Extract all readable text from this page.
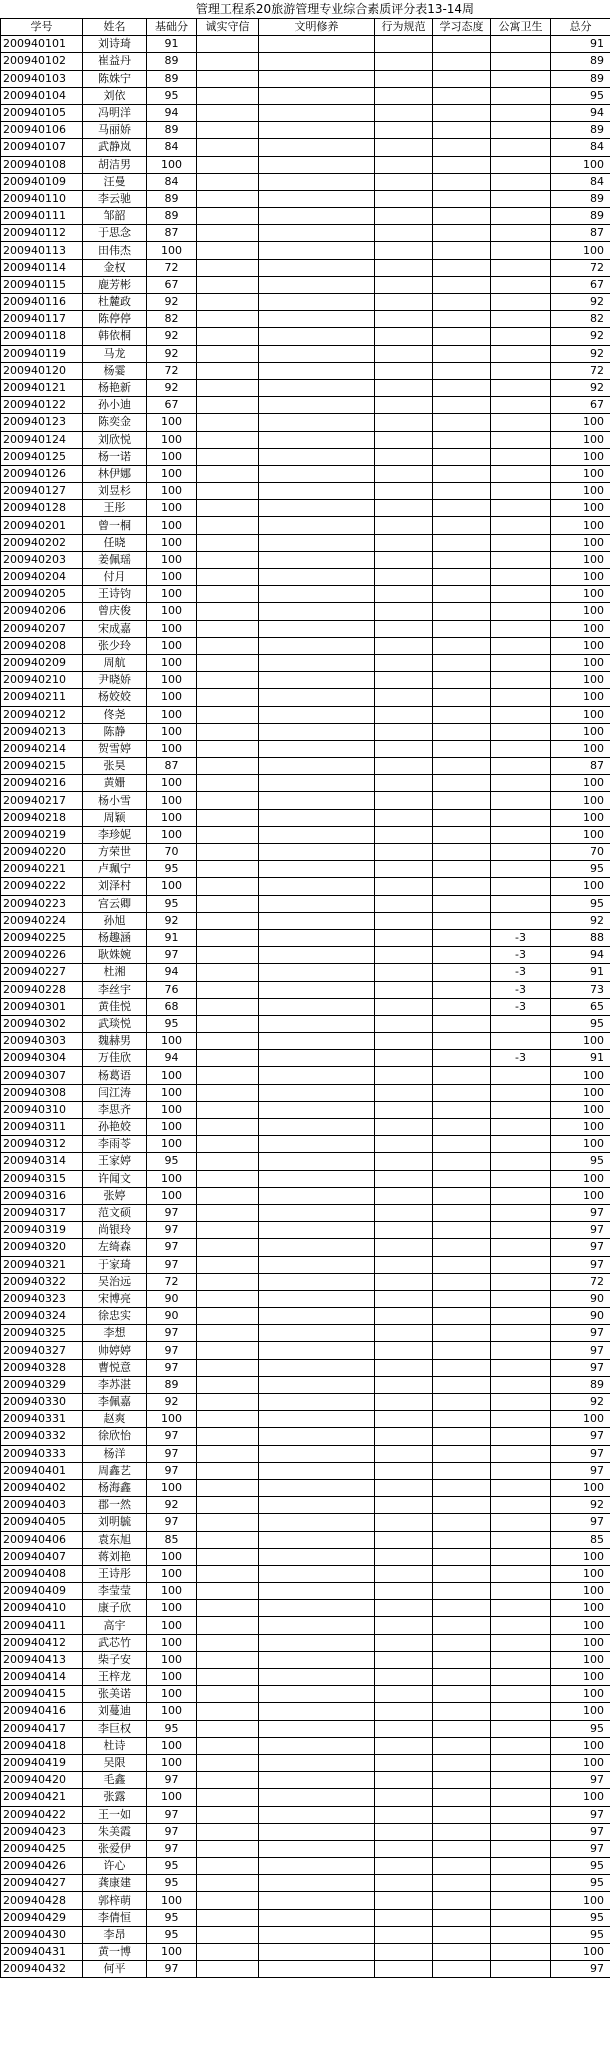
管理工程系20旅游管理专业综合素质评分表13-14周
学号	姓名	基础分	诚实守信	文明修养	行为规范	学习态度	公寓卫生	总分
200940101	刘诗琦	91						91
200940102	崔益丹	89						89
200940103	陈姝宁	89						89
200940104	刘依	95						95
200940105	冯明洋	94						94
200940106	马丽娇	89						89
200940107	武静岚	84						84
200940108	胡洁男	100						100
200940109	汪曼	84						84
200940110	李云驰	89						89
200940111	邹韶	89						89
200940112	于思念	87						87
200940113	田伟杰	100						100
200940114	金权	72						72
200940115	鹿芳彬	67						67
200940116	杜麓政	92						92
200940117	陈停停	82						82
200940118	韩依桐	92						92
200940119	马龙	92						92
200940120	杨霎	72						72
200940121	杨艳新	92						92
200940122	孙小迪	67						67
200940123	陈奕金	100						100
200940124	刘欣悦	100						100
200940125	杨一诺	100						100
200940126	林伊娜	100						100
200940127	刘昱杉	100						100
200940128	王彤	100						100
200940201	曾一桐	100						100
200940202	任晓	100						100
200940203	姜佩瑶	100						100
200940204	付月	100						100
200940205	王诗钧	100						100
200940206	曾庆俊	100						100
200940207	宋成嘉	100						100
200940208	张少玲	100						100
200940209	周航	100						100
200940210	尹晓娇	100						100
200940211	杨姣姣	100						100
200940212	佟尧	100						100
200940213	陈静	100						100
200940214	贺雪婷	100						100
200940215	张昊	87						87
200940216	黄姗	100						100
200940217	杨小雪	100						100
200940218	周颖	100						100
200940219	李珍妮	100						100
200940220	方荣世	70						70
200940221	卢珮宁	95						95
200940222	刘泽村	100						100
200940223	宫云卿	95						95
200940224	孙旭	92						92
200940225	杨趣涵	91					-3	88
200940226	耿姝婉	97					-3	94
200940227	杜湘	94					-3	91
200940228	李丝宇	76					-3	73
200940301	黄佳悦	68					-3	65
200940302	武琰悦	95						95
200940303	魏赫男	100						100
200940304	万佳欣	94					-3	91
200940307	杨葛语	100						100
200940308	闫江涛	100						100
200940310	李思齐	100						100
200940311	孙艳姣	100						100
200940312	李雨苓	100						100
200940314	王家婷	95						95
200940315	许闻文	100						100
200940316	张婷	100						100
200940317	范文硕	97						97
200940319	尚银玲	97						97
200940320	左绮森	97						97
200940321	于家琦	97						97
200940322	吴治远	72						72
200940323	宋博亮	90						90
200940324	徐忠实	90						90
200940325	李想	97						97
200940327	帅婷婷	97						97
200940328	曹悦意	97						97
200940329	李苏湛	89						89
200940330	李佩嘉	92						92
200940331	赵爽	100						100
200940332	徐欣怡	97						97
200940333	杨洋	97						97
200940401	周鑫艺	97						97
200940402	杨海鑫	100						100
200940403	郡一然	92						92
200940405	刘明毓	97						97
200940406	袁东旭	85						85
200940407	蒋刘艳	100						100
200940408	王诗彤	100						100
200940409	李莹莹	100						100
200940410	康子欣	100						100
200940411	高宇	100						100
200940412	武芯竹	100						100
200940413	柴子安	100						100
200940414	王梓龙	100						100
200940415	张美诺	100						100
200940416	刘蔓迪	100						100
200940417	李巨权	95						95
200940418	杜诗	100						100
200940419	吴限	100						100
200940420	毛鑫	97						97
200940421	张露	100						100
200940422	王一如	97						97
200940423	朱美霞	97						97
200940425	张爱伊	97						97
200940426	许心	95						95
200940427	龚康建	95						95
200940428	郭梓萌	100						100
200940429	李倩恒	95						95
200940430	李昂	95						95
200940431	黄一博	100						100
200940432	何平	97						97
